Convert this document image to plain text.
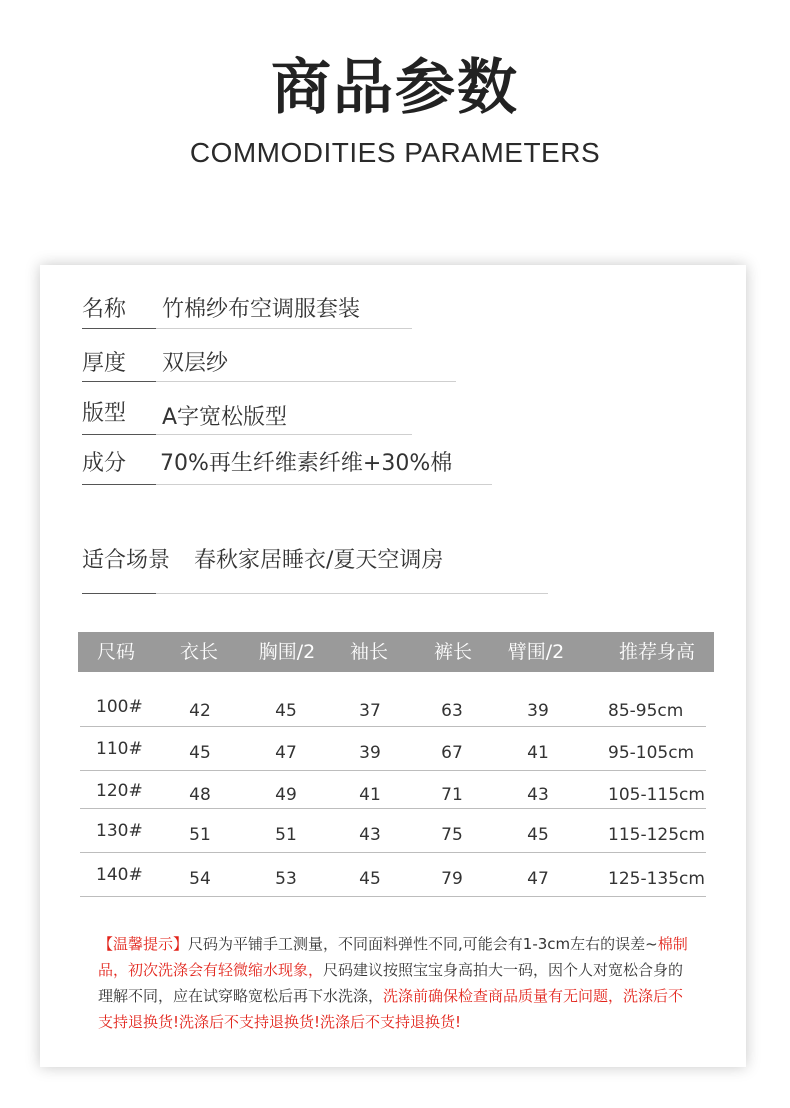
商品参数
COMMODITIES PARAMETERS
名称 竹棉纱布空调服套装
厚度 双层纱
版型 A字宽松版型
成分 70%再生纤维素纤维+30%棉
适合场景 春秋家居睡衣/夏天空调房
尺码	衣长	胸围/2	袖长	裤长	臂围/2	推荐身高
100#	42	45	37	63	39	85-95cm
110#	45	47	39	67	41	95-105cm
120#	48	49	41	71	43	105-115cm
130#	51	51	43	75	45	115-125cm
140#	54	53	45	79	47	125-135cm
【温馨提示】尺码为平铺手工测量，不同面料弹性不同,可能会有1-3cm左右的误差~棉制品，初次洗涤会有轻微缩水现象，尺码建议按照宝宝身高拍大一码，因个人对宽松合身的理解不同，应在试穿略宽松后再下水洗涤，洗涤前确保检查商品质量有无问题，洗涤后不支持退换货!洗涤后不支持退换货!洗涤后不支持退换货!
